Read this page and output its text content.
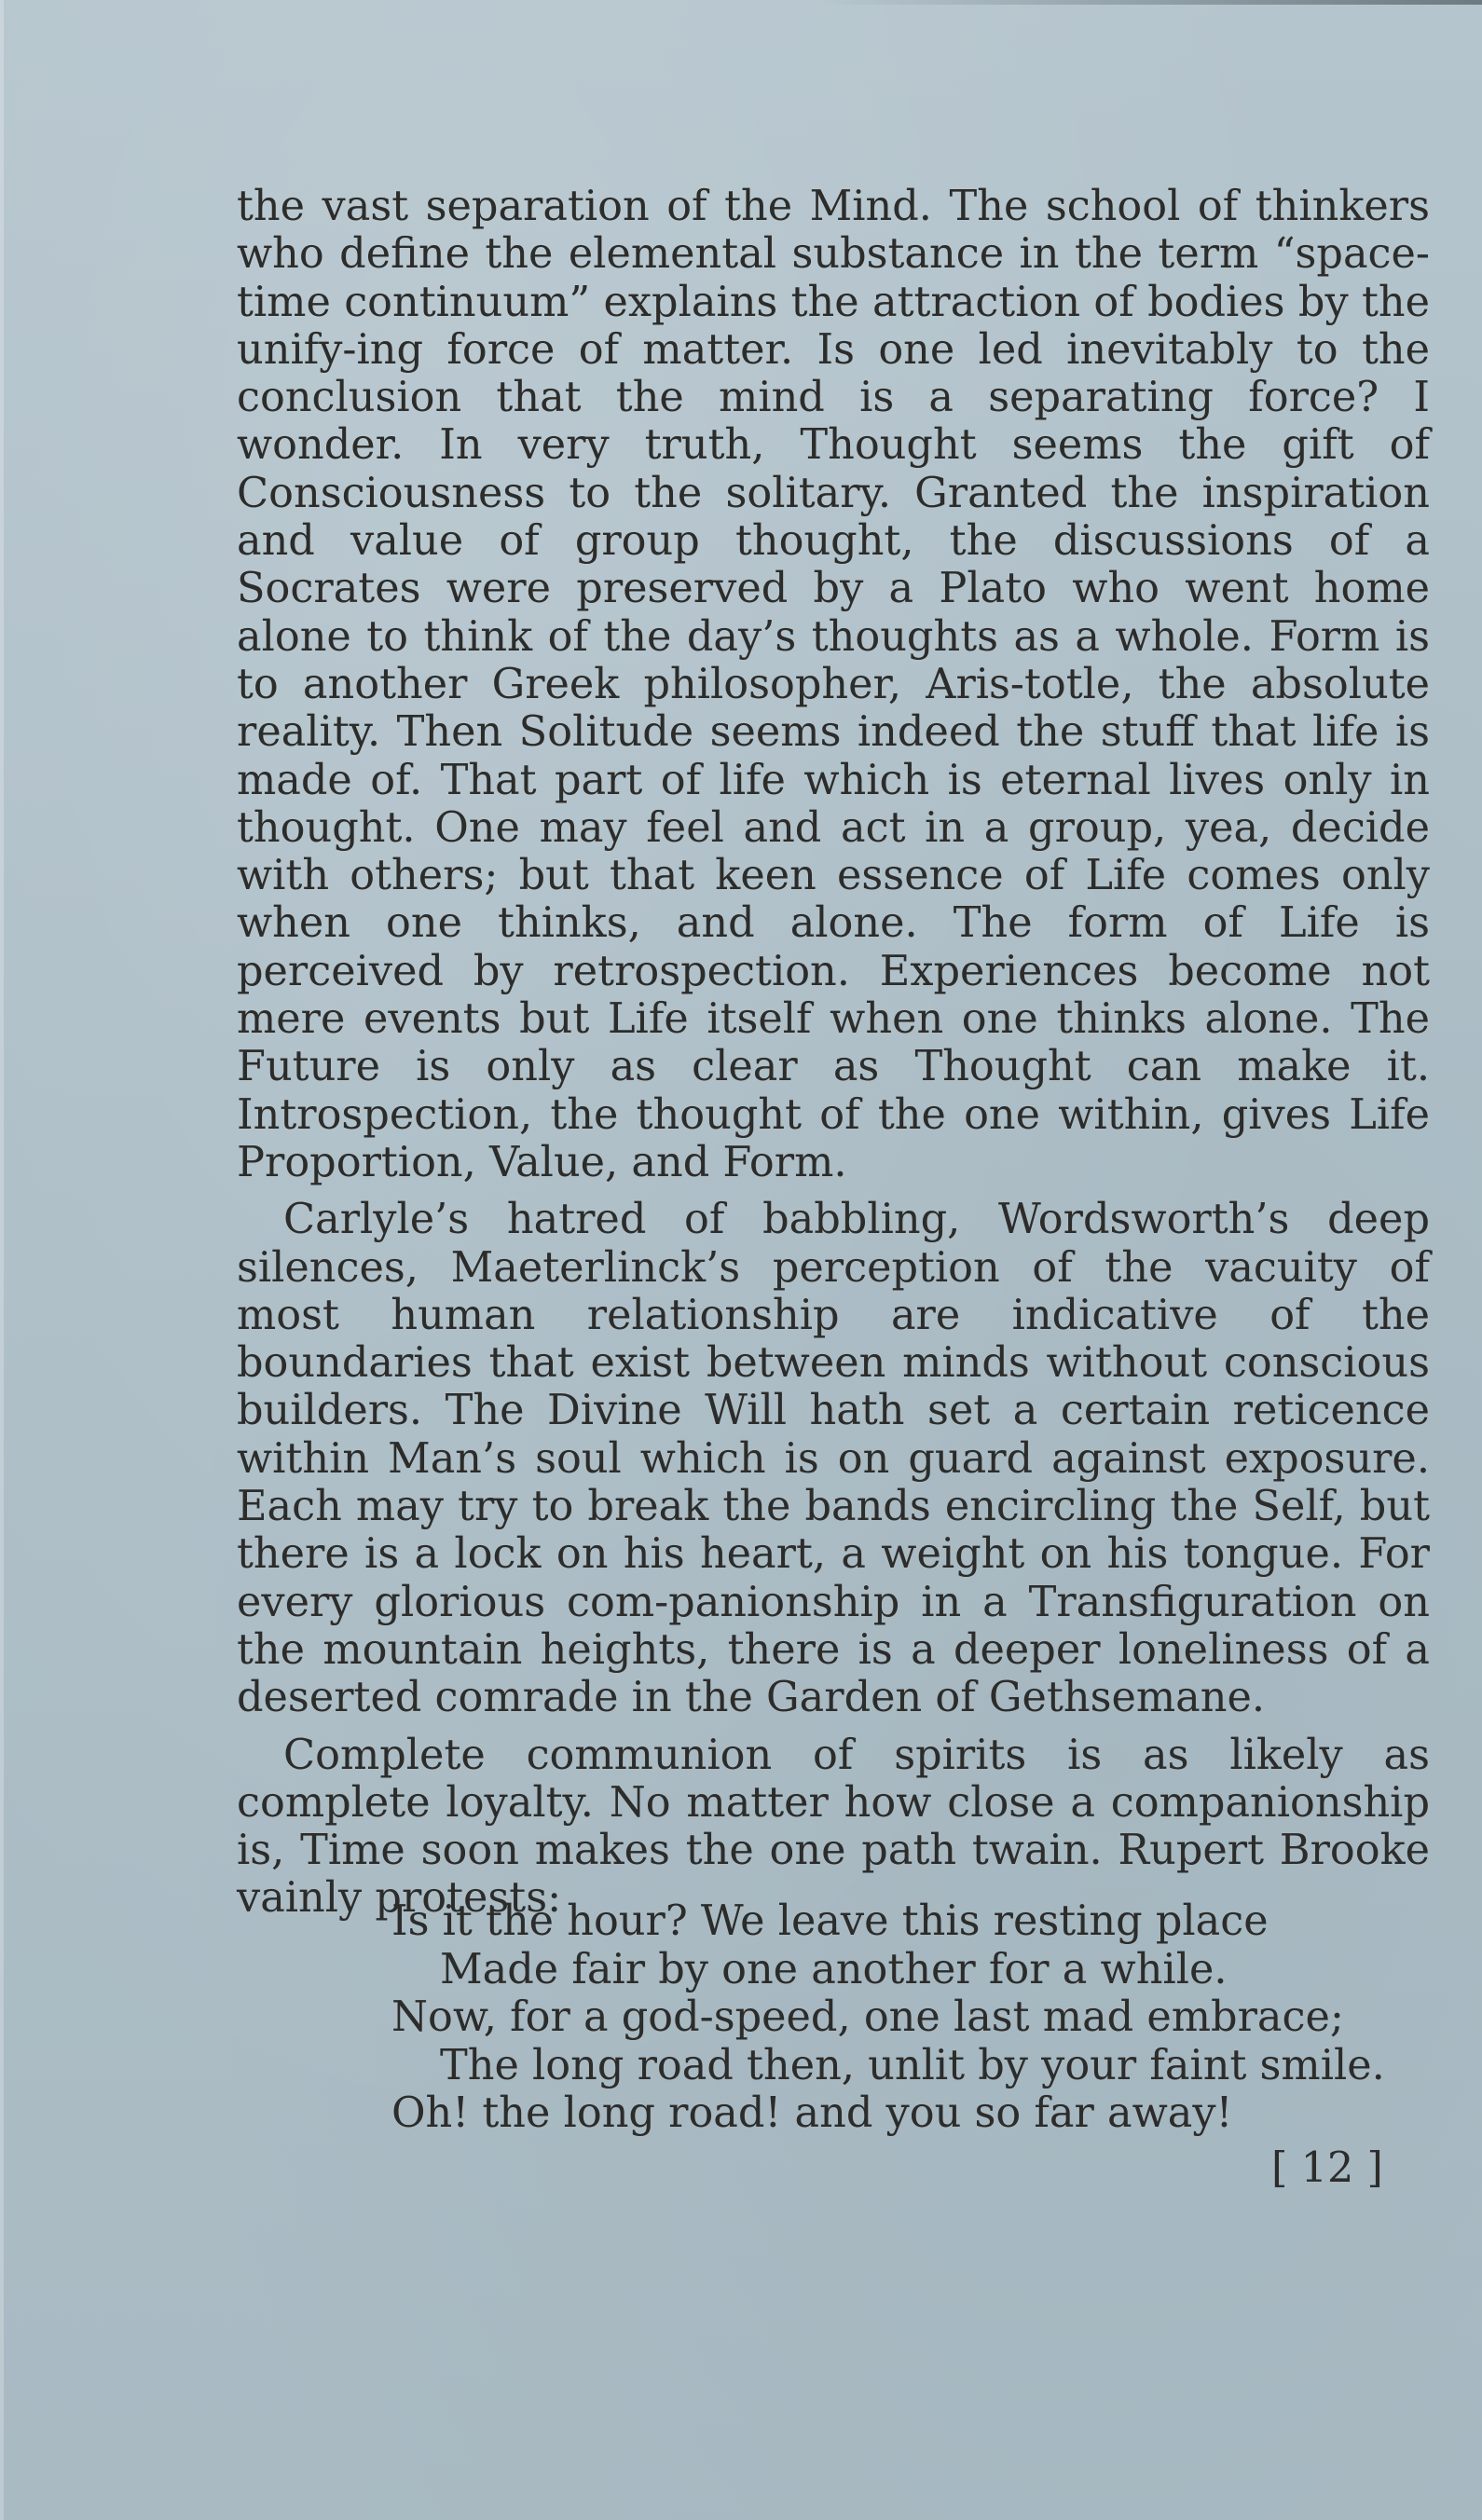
the vast separation of the Mind. The school of thinkers who define the elemental substance in the term “space-time continuum” explains the attraction of bodies by the unify-ing force of matter. Is one led inevitably to the conclusion that the mind is a separating force? I wonder. In very truth, Thought seems the gift of Consciousness to the solitary. Granted the inspiration and value of group thought, the discussions of a Socrates were preserved by a Plato who went home alone to think of the day’s thoughts as a whole. Form is to another Greek philosopher, Aris-totle, the absolute reality. Then Solitude seems indeed the stuff that life is made of. That part of life which is eternal lives only in thought. One may feel and act in a group, yea, decide with others; but that keen essence of Life comes only when one thinks, and alone. The form of Life is perceived by retrospection. Experiences become not mere events but Life itself when one thinks alone. The Future is only as clear as Thought can make it. Introspection, the thought of the one within, gives Life Proportion, Value, and Form.

Carlyle’s hatred of babbling, Wordsworth’s deep silences, Maeterlinck’s perception of the vacuity of most human relationship are indicative of the boundaries that exist between minds without conscious builders. The Divine Will hath set a certain reticence within Man’s soul which is on guard against exposure. Each may try to break the bands encircling the Self, but there is a lock on his heart, a weight on his tongue. For every glorious com-panionship in a Transfiguration on the mountain heights, there is a deeper loneliness of a deserted comrade in the Garden of Gethsemane.

Complete communion of spirits is as likely as complete loyalty. No matter how close a companionship is, Time soon makes the one path twain. Rupert Brooke vainly protests:

Is it the hour? We leave this resting place
Made fair by one another for a while.
Now, for a god-speed, one last mad embrace;
The long road then, unlit by your faint smile.
Oh! the long road! and you so far away!
[ 12 ]
